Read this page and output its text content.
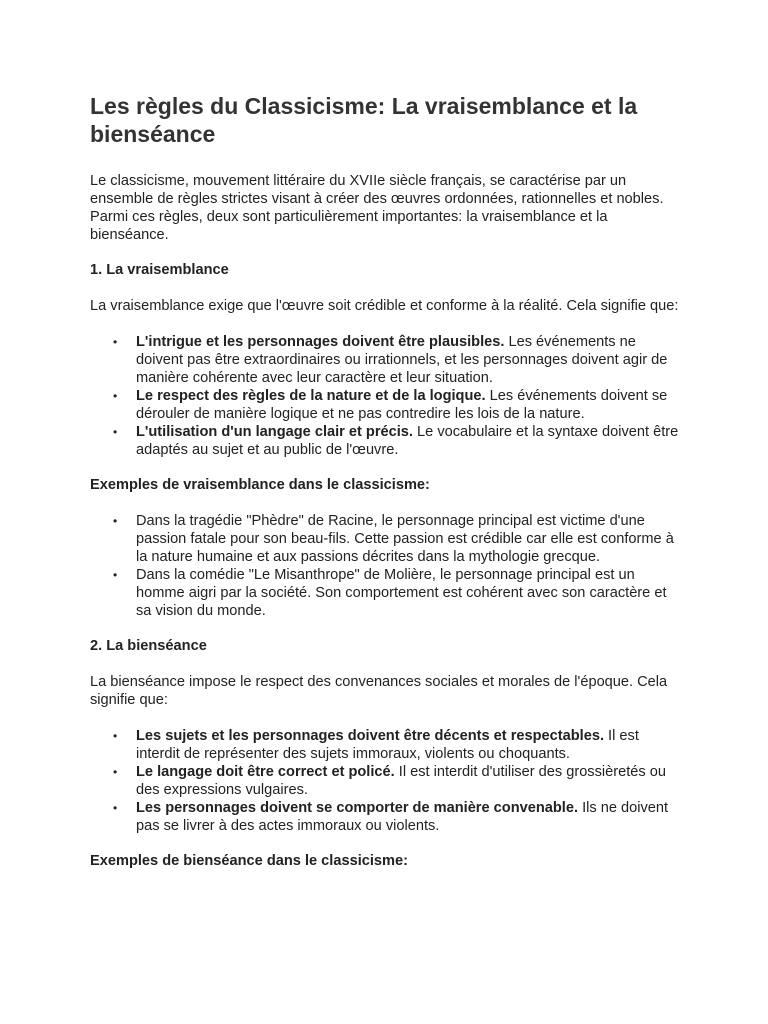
Les règles du Classicisme: La vraisemblance et la bienséance

Le classicisme, mouvement littéraire du XVIIe siècle français, se caractérise par un ensemble de règles strictes visant à créer des œuvres ordonnées, rationnelles et nobles. Parmi ces règles, deux sont particulièrement importantes: la vraisemblance et la bienséance.

1. La vraisemblance

La vraisemblance exige que l'œuvre soit crédible et conforme à la réalité. Cela signifie que:

• L'intrigue et les personnages doivent être plausibles. Les événements ne doivent pas être extraordinaires ou irrationnels, et les personnages doivent agir de manière cohérente avec leur caractère et leur situation.
• Le respect des règles de la nature et de la logique. Les événements doivent se dérouler de manière logique et ne pas contredire les lois de la nature.
• L'utilisation d'un langage clair et précis. Le vocabulaire et la syntaxe doivent être adaptés au sujet et au public de l'œuvre.
Exemples de vraisemblance dans le classicisme:
• Dans la tragédie "Phèdre" de Racine, le personnage principal est victime d'une passion fatale pour son beau-fils. Cette passion est crédible car elle est conforme à la nature humaine et aux passions décrites dans la mythologie grecque.
• Dans la comédie "Le Misanthrope" de Molière, le personnage principal est un homme aigri par la société. Son comportement est cohérent avec son caractère et sa vision du monde.
2. La bienséance

La bienséance impose le respect des convenances sociales et morales de l'époque. Cela signifie que:

• Les sujets et les personnages doivent être décents et respectables. Il est interdit de représenter des sujets immoraux, violents ou choquants.
• Le langage doit être correct et policé. Il est interdit d'utiliser des grossièretés ou des expressions vulgaires.
• Les personnages doivent se comporter de manière convenable. Ils ne doivent pas se livrer à des actes immoraux ou violents.
Exemples de bienséance dans le classicisme:
